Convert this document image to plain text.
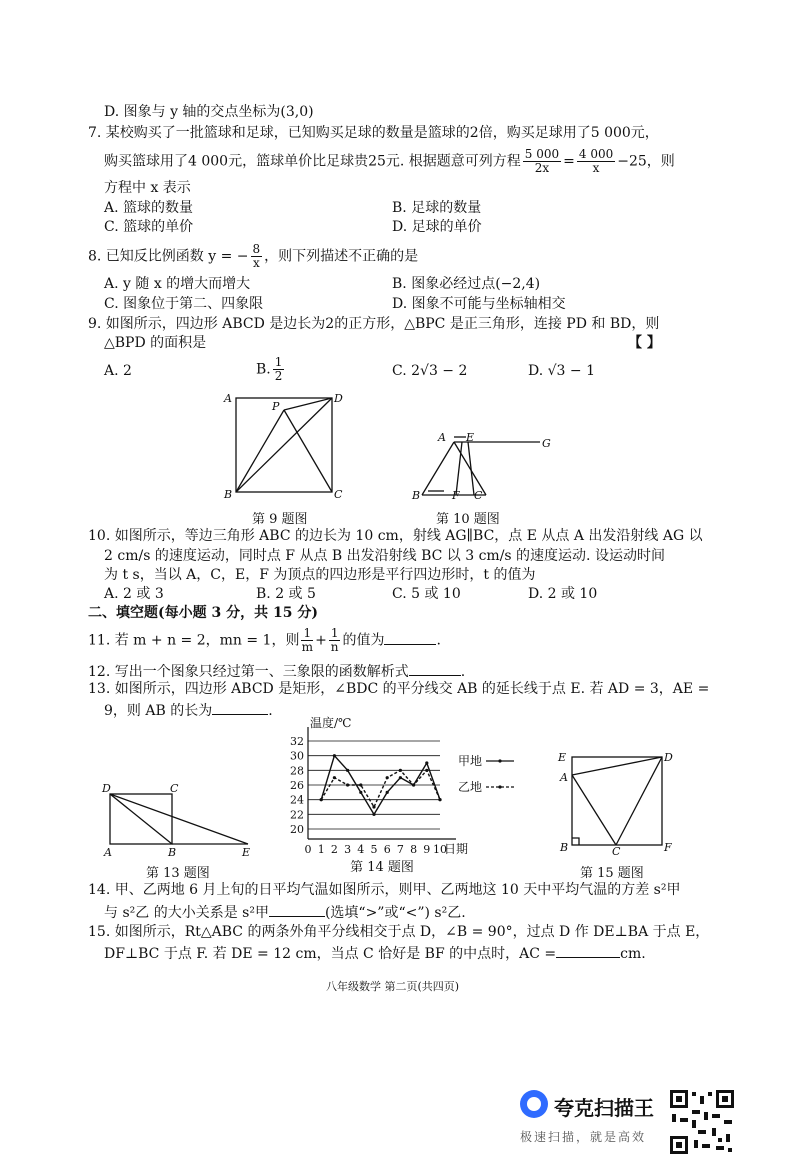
D. 图象与 y 轴的交点坐标为(3,0)
7. 某校购买了一批篮球和足球，已知购买足球的数量是篮球的2倍，购买足球用了5 000元，
购买篮球用了4 000元，篮球单价比足球贵25元. 根据题意可列方程 $\frac{5 000}{2x} = \frac{4 000}{x} -25$，则
方程中 x 表示
A. 篮球的数量	B. 足球的数量
C. 篮球的单价	D. 足球的单价
8. 已知反比例函数 y = − $\frac{8}{x}$ ，则下列描述不正确的是
A. y 随 x 的增大而增大	B. 图象必经过点(−2,4)
C. 图象位于第二、四象限	D. 图象不可能与坐标轴相交
9. 如图所示，四边形 ABCD 是边长为2的正方形，△BPC 是正三角形，连接 PD 和 BD，则
△BPD 的面积是	【 】
A. 2	B. $\frac{1}{2}$	C. 2√3 − 2	D. √3 − 1
A
P
D
B	C
第 9 题图
A E	G
B	F C
第 10 题图
10. 如图所示，等边三角形 ABC 的边长为 10 cm，射线 AG∥BC，点 E 从点 A 出发沿射线 AG 以
2 cm/s 的速度运动，同时点 F 从点 B 出发沿射线 BC 以 3 cm/s 的速度运动. 设运动时间
为 t s，当以 A，C，E，F 为顶点的四边形是平行四边形时，t 的值为
A. 2 或 3	B. 2 或 5	C. 5 或 10	D. 2 或 10
二、填空题(每小题 3 分，共 15 分)
11. 若 m + n = 2，mn = 1，则 $\frac{1}{m} + \frac{1}{n}$ 的值为	.
12. 写出一个图象只经过第一、三象限的函数解析式	.
13. 如图所示，四边形 ABCD 是矩形，∠BDC 的平分线交 AB 的延长线于点 E. 若 AD = 3，AE =
9，则 AB 的长为	.
D	C
A	B	E
第 13 题图
20
22
24
26
28
30
32
温度/℃
日期
0 1 2 3 4 5 6 7 8 9 10
甲地
乙地
第 14 题图
E	D
A
B	C	F
第 15 题图
14. 甲、乙两地 6 月上旬的日平均气温如图所示，则甲、乙两地这 10 天中平均气温的方差 s²甲
与 s²乙 的大小关系是 s²甲	(选填“>”或“<”) s²乙.
15. 如图所示，Rt△ABC 的两条外角平分线相交于点 D，∠B = 90°，过点 D 作 DE⊥BA 于点 E，
DF⊥BC 于点 F. 若 DE = 12 cm，当点 C 恰好是 BF 的中点时，AC =	cm.
八年级数学 第二页(共四页)
夸克扫描王
极速扫描，就是高效
